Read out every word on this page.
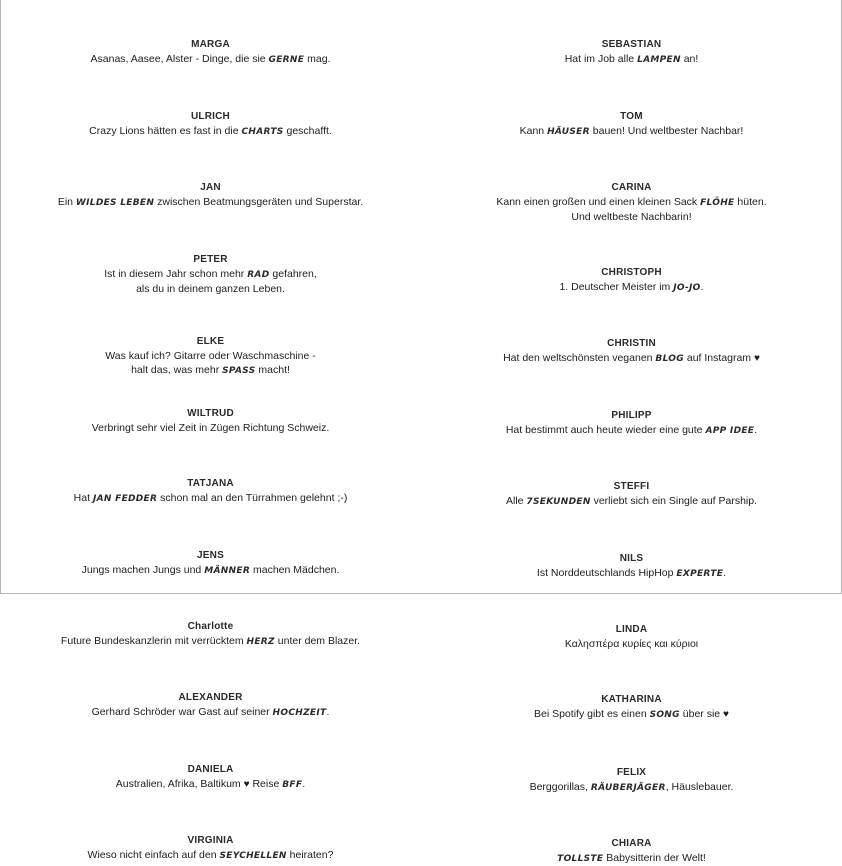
MARGA
Asanas, Aasee, Alster - Dinge, die sie GERNE mag.
ULRICH
Crazy Lions hätten es fast in die CHARTS geschafft.
JAN
Ein WILDES LEBEN zwischen Beatmungsgeräten und Superstar.
PETER
Ist in diesem Jahr schon mehr RAD gefahren,
als du in deinem ganzen Leben.
ELKE
Was kauf ich? Gitarre oder Waschmaschine -
halt das, was mehr SPASS macht!
WILTRUD
Verbringt sehr viel Zeit in Zügen Richtung Schweiz.
TATJANA
Hat JAN FEDDER schon mal an den Türrahmen gelehnt ;-)
JENS
Jungs machen Jungs und MÄNNER machen Mädchen.
Charlotte
Future Bundeskanzlerin mit verrücktem HERZ unter dem Blazer.
ALEXANDER
Gerhard Schröder war Gast auf seiner HOCHZEIT.
DANIELA
Australien, Afrika, Baltikum ♥ Reise BFF.
VIRGINIA
Wieso nicht einfach auf den SEYCHELLEN heiraten?
SEBASTIAN
Hat im Job alle LAMPEN an!
TOM
Kann HÄUSER bauen! Und weltbester Nachbar!
CARINA
Kann einen großen und einen kleinen Sack FLÖHE hüten.
Und weltbeste Nachbarin!
CHRISTOPH
1. Deutscher Meister im JO-JO.
CHRISTIN
Hat den weltschönsten veganen BLOG auf Instagram ♥
PHILIPP
Hat bestimmt auch heute wieder eine gute APP IDEE.
STEFFI
Alle 7SEKUNDEN verliebt sich ein Single auf Parship.
NILS
Ist Norddeutschlands HipHop EXPERTE.
LINDA
Καλησπέρα κυρίες και κύριοι
KATHARINA
Bei Spotify gibt es einen SONG über sie ♥
FELIX
Berggorillas, RÄUBERJÄGER, Häuslebauer.
CHIARA
TOLLSTE Babysitterin der Welt!
